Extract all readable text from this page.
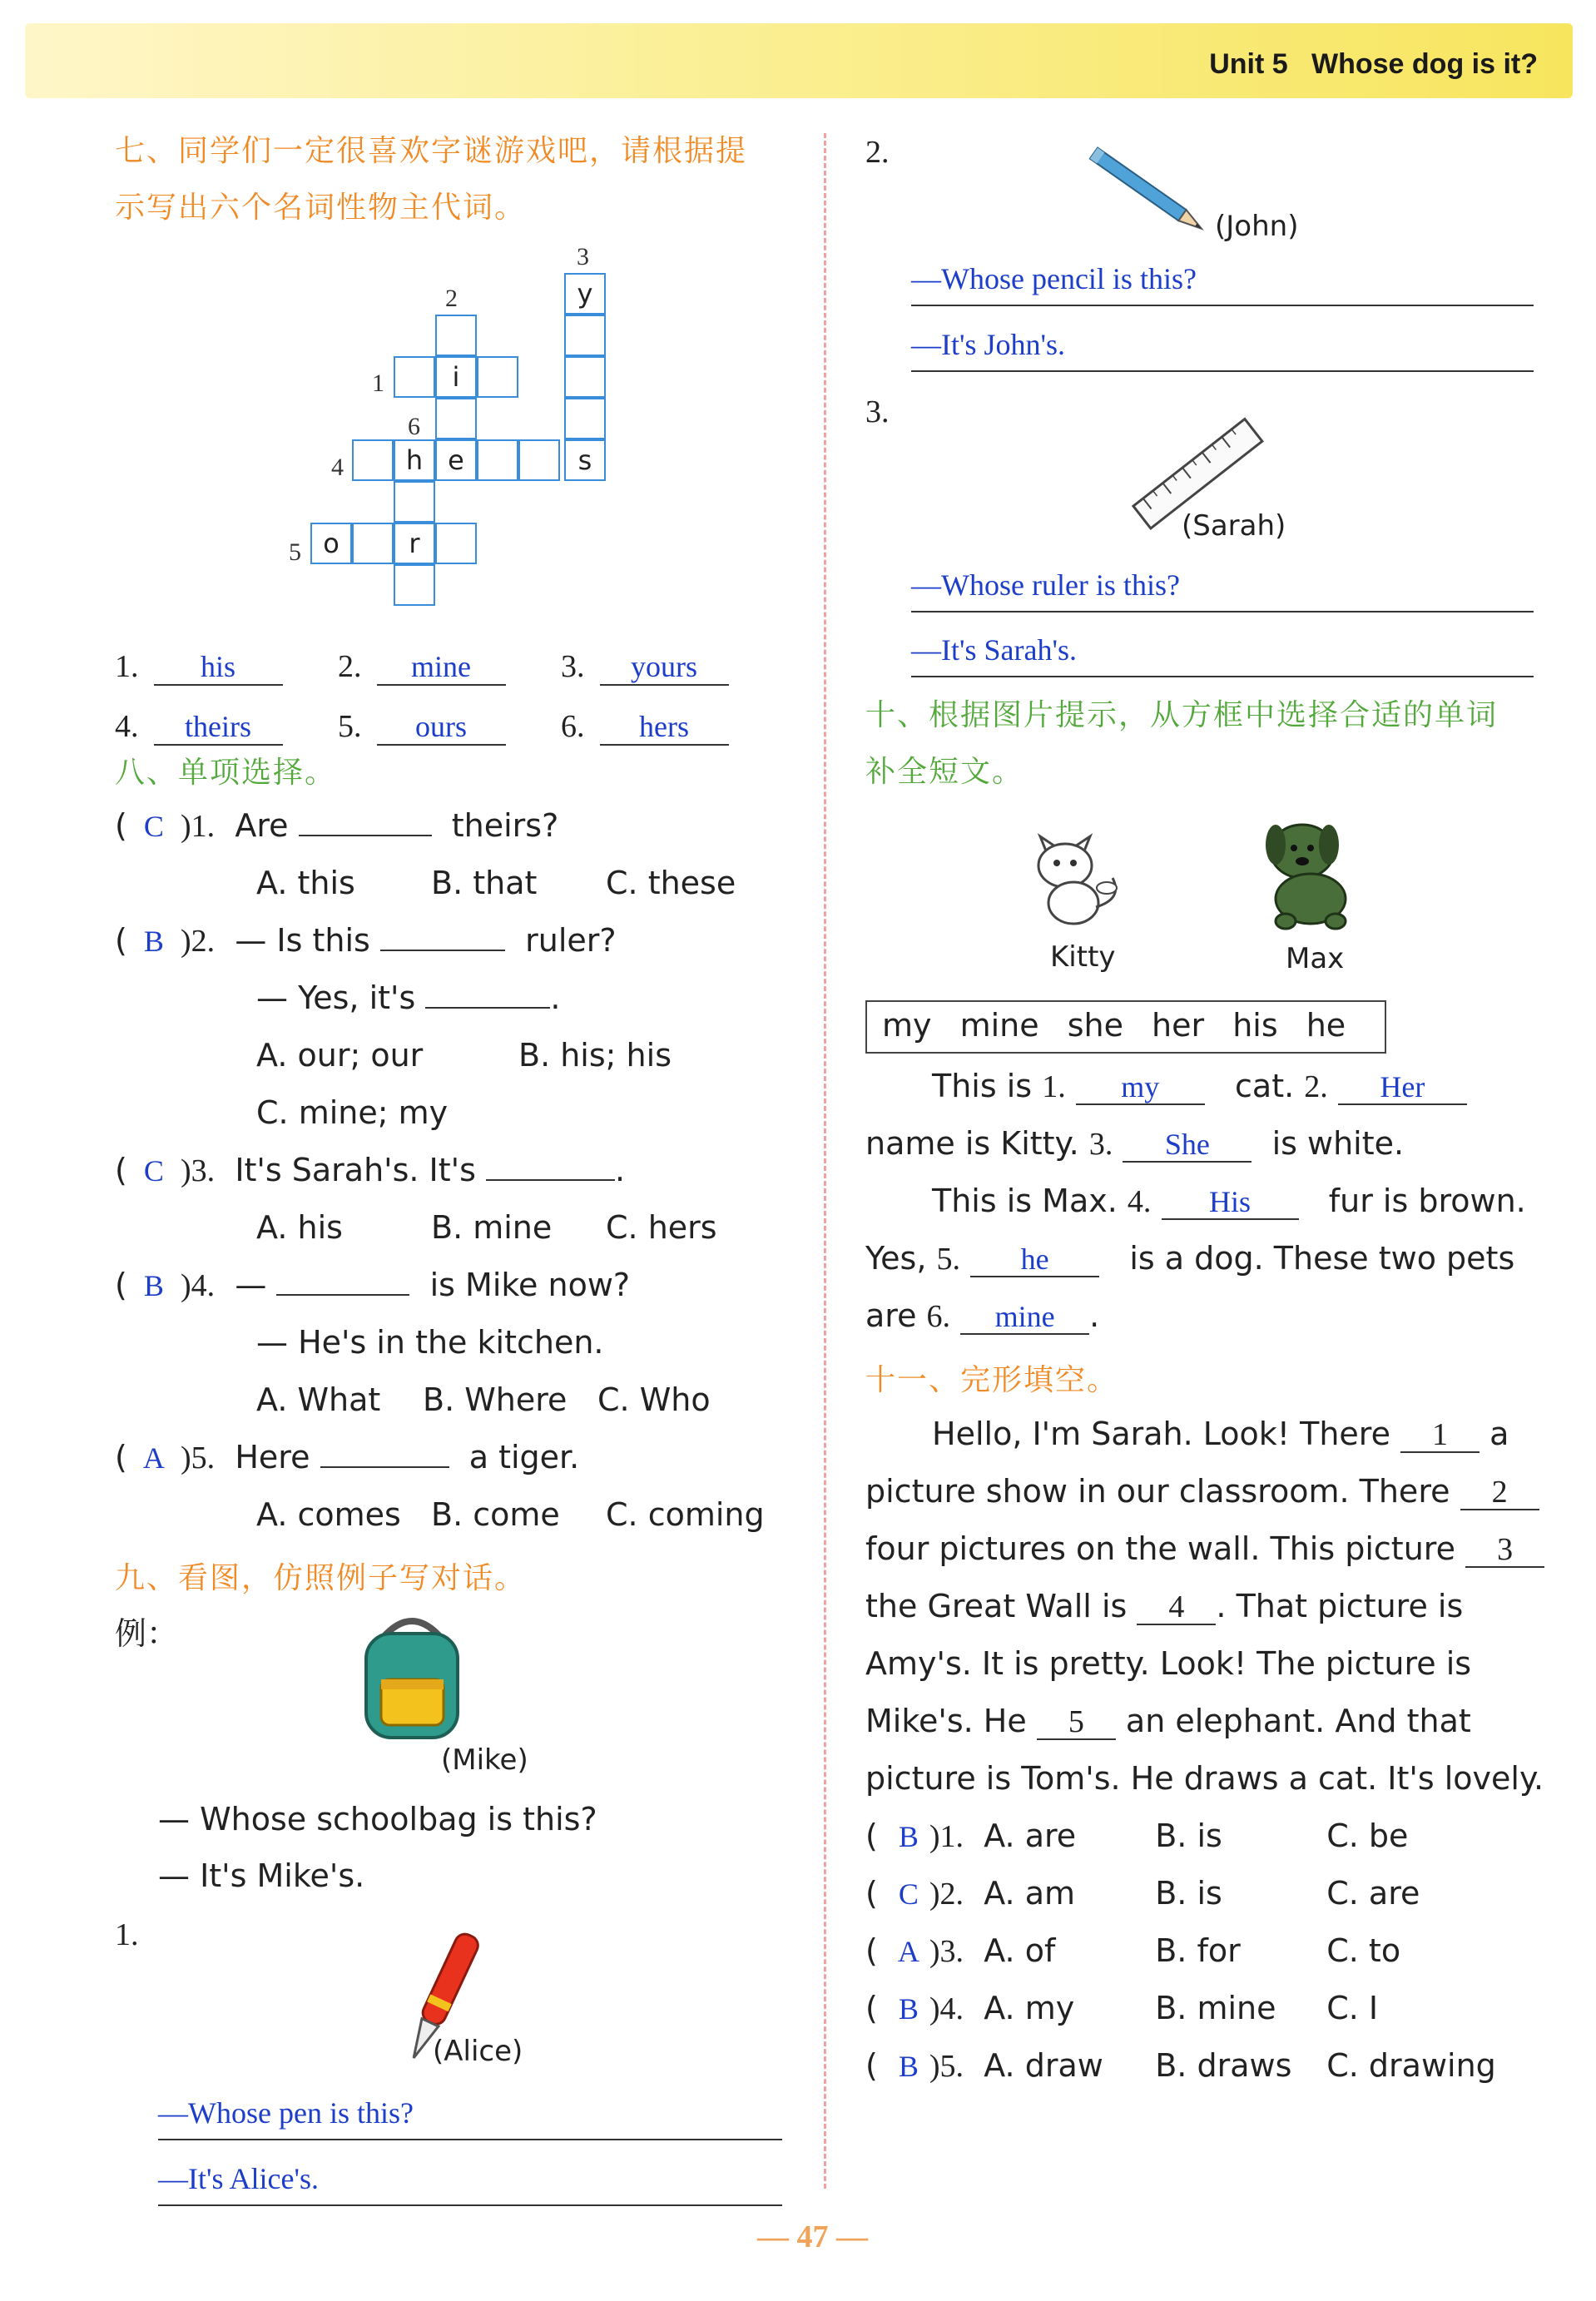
Unit 5 Whose dog is it?
七、同学们一定很喜欢字谜游戏吧，请根据提
示写出六个名词性物主代词。
3
2
1
6
4
5
y
s
i
e
h
r
o
1. his	2. mine	3. yours
4. theirs	5. ours	6. hers
八、单项选择。
( C )1. Are	theirs?
A. this B. that C. these
( B )2. — Is this	ruler?
— Yes, it's	.
A. our; our	B. his; his
C. mine; my
( C )3. It's Sarah's. It's	.
A. his	B. mine C. hers
( B )4. —	is Mike now?
— He's in the kitchen.
A. What B. Where C. Who
( A )5. Here	a tiger.
A. comes B. come C. coming
九、看图，仿照例子写对话。
例：
(Mike)
— Whose schoolbag is this?
— It's Mike's.
1.
(Alice)
—Whose pen is this?
—It's Alice's.
2.
(John)
—Whose pencil is this?
—It's John's.
3.
(Sarah)
—Whose ruler is this?
—It's Sarah's.
十、根据图片提示，从方框中选择合适的单词
补全短文。
Kitty	Max
my mine she her his he
This is 1. my cat. 2. Her
name is Kitty. 3. She is white.
This is Max. 4. His fur is brown.
Yes, 5. he	is a dog. These two pets
are 6. mine .
十一、完形填空。
Hello, I'm Sarah. Look! There 1 a
picture show in our classroom. There 2
four pictures on the wall. This picture 3
the Great Wall is 4 . That picture is
Amy's. It is pretty. Look! The picture is
Mike's. He 5 an elephant. And that
picture is Tom's. He draws a cat. It's lovely.
( B )1. A. are	B. is	C. be
( C )2. A. am	B. is	C. are
( A )3. A. of	B. for	C. to
( B )4. A. my	B. mine C. I
( B )5. A. draw B. draws C. drawing
— 47 —
